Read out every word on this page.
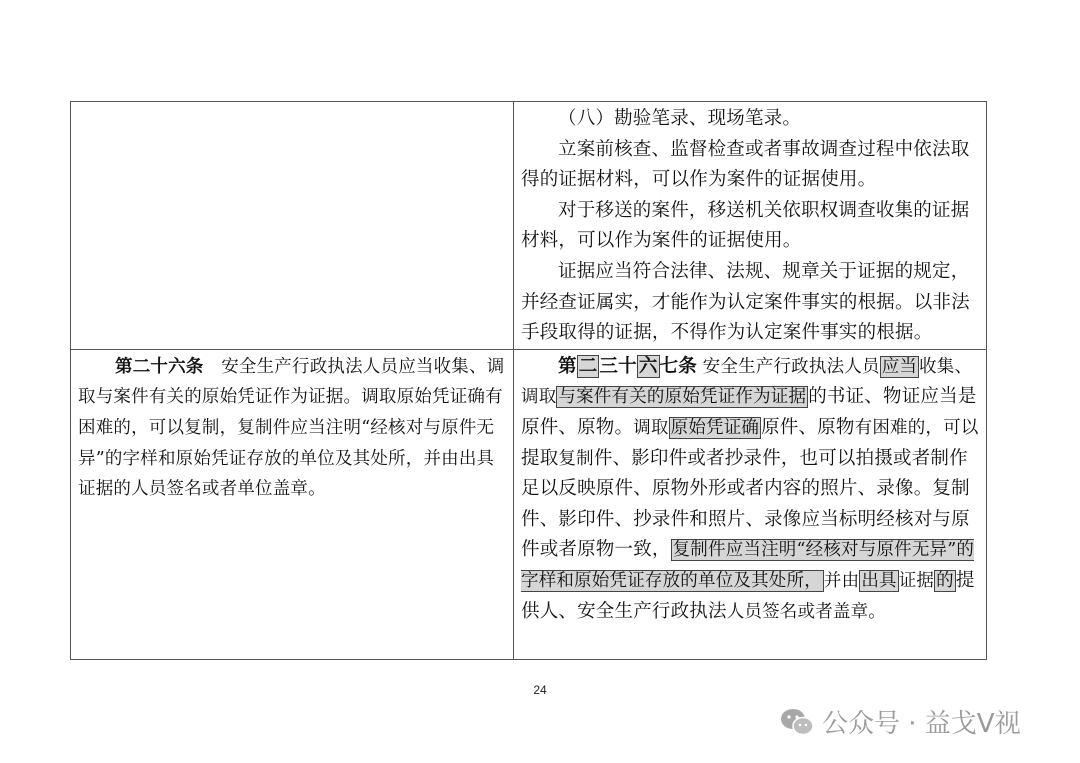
	（八）勘验笔录、现场笔录。

立案前核查、监督检查或者事故调查过程中依法取得的证据材料，可以作为案件的证据使用。

对于移送的案件，移送机关依职权调查收集的证据材料，可以作为案件的证据使用。

证据应当符合法律、法规、规章关于证据的规定，并经查证属实，才能作为认定案件事实的根据。以非法手段取得的证据，不得作为认定案件事实的根据。

第二十六条  安全生产行政执法人员应当收集、调取与案件有关的原始凭证作为证据。调取原始凭证确有困难的，可以复制，复制件应当注明“经核对与原件无异”的字样和原始凭证存放的单位及其处所，并由出具证据的人员签名或者单位盖章。	第 二 三十 六 七条 安全生产行政执法人员 应当 收集、调取 与案件有关的原始凭证作为证据 的书证、物证应当是原件、原物。调取 原始凭证确 原件、原物有困难的，可以提取复制件、影印件或者抄录件，也可以拍摄或者制作足以反映原件、原物外形或者内容的照片、录像。复制件、影印件、抄录件和照片、录像应当标明经核对与原件或者原物一致， 复制件应当注明“经核对与原件无异”的字样和原始凭证存放的单位及其处所， 并由 出具 证据 的 提供人、安全生产行政执法人员签名或者盖章。

24
公众号 · 益戈V视
